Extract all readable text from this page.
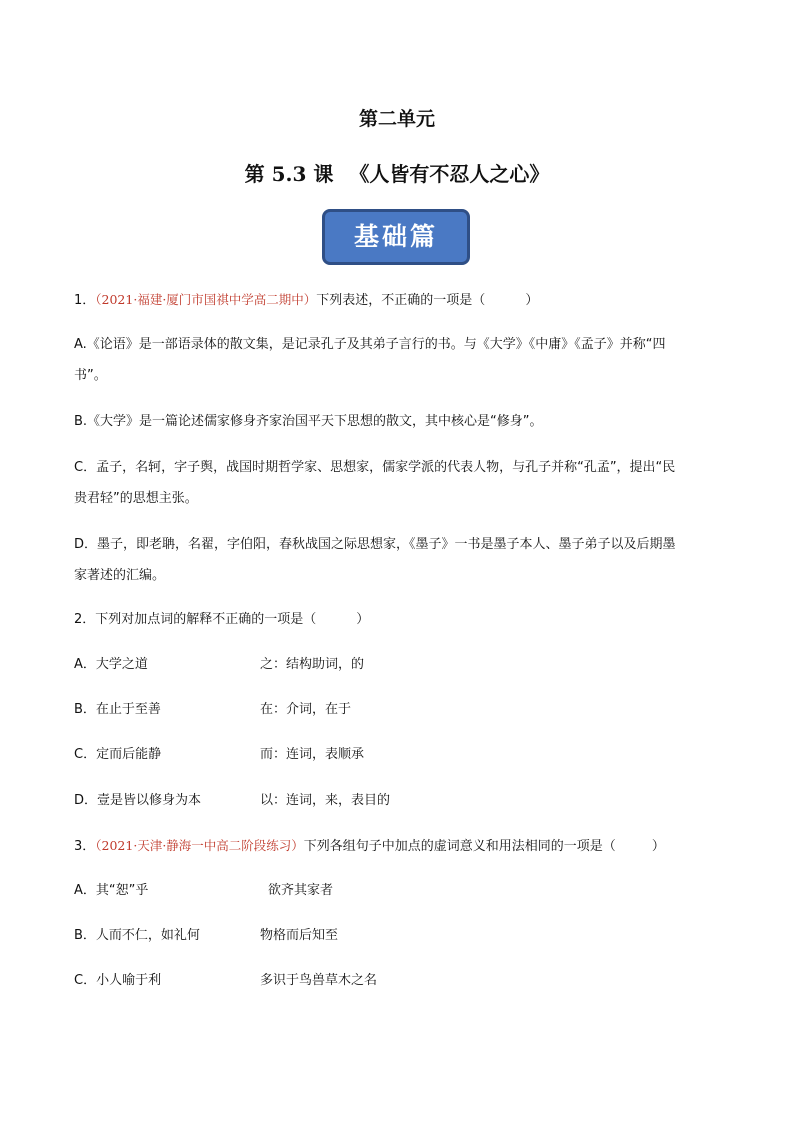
第二单元
第 5.3 课 《人皆有不忍人之心》
基础篇
1．（2021·福建·厦门市国祺中学高二期中）下列表述，不正确的一项是（	）
A.《论语》是一部语录体的散文集，是记录孔子及其弟子言行的书。与《大学》《中庸》《孟子》并称“四
书”。
B.《大学》是一篇论述儒家修身齐家治国平天下思想的散文，其中核心是“修身”。
C．孟子，名轲，字子舆，战国时期哲学家、思想家，儒家学派的代表人物，与孔子并称“孔孟”，提出“民
贵君轻”的思想主张。
D．墨子，即老聃，名翟，字伯阳，春秋战国之际思想家，《墨子》一书是墨子本人、墨子弟子以及后期墨
家著述的汇编。
2．下列对加点词的解释不正确的一项是（	）
A．大学之道	之：结构助词，的
B．在止于至善	在：介词，在于
C．定而后能静	而：连词，表顺承
D．壹是皆以修身为本	以：连词，来，表目的
3．（2021·天津·静海一中高二阶段练习）下列各组句子中加点的虚词意义和用法相同的一项是（	）
A．其“恕”乎	欲齐其家者
B．人而不仁，如礼何	物格而后知至
C．小人喻于利	多识于鸟兽草木之名
